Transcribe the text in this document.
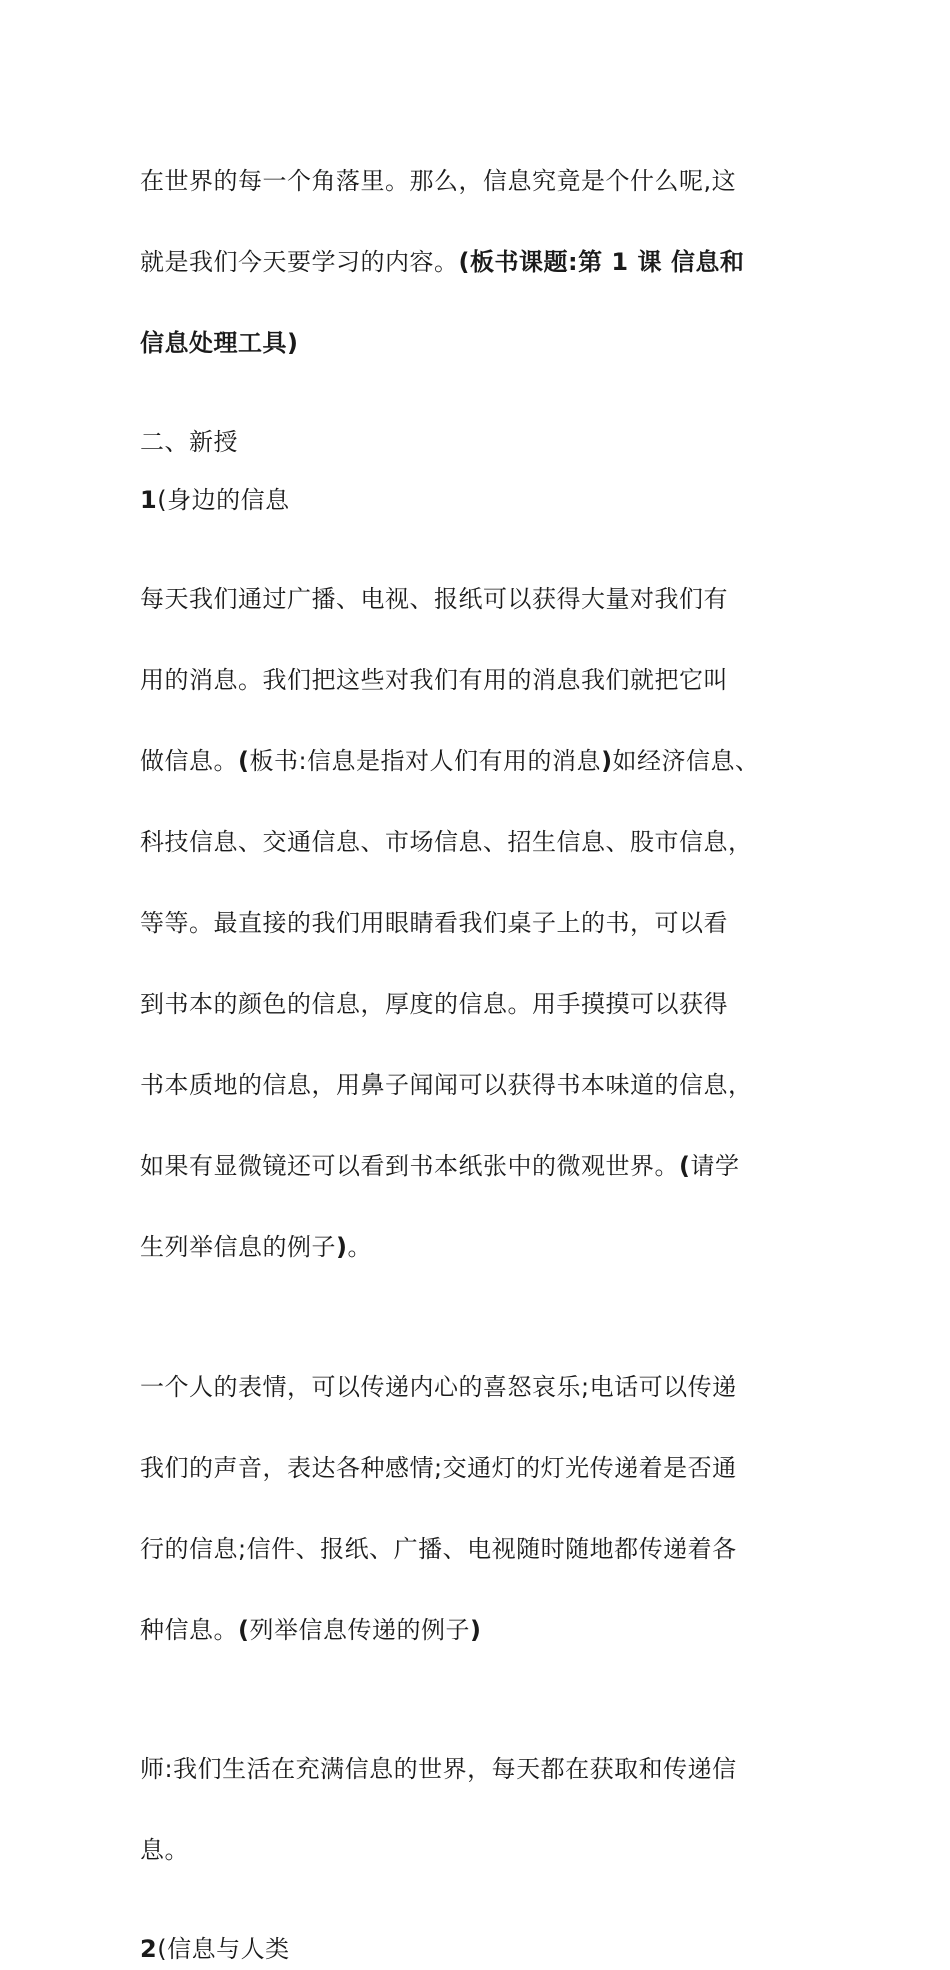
在世界的每一个角落里。那么，信息究竟是个什么呢,这

就是我们今天要学习的内容。(板书课题:第 1 课 信息和

信息处理工具)

二、新授
1(身边的信息

每天我们通过广播、电视、报纸可以获得大量对我们有

用的消息。我们把这些对我们有用的消息我们就把它叫

做信息。(板书:信息是指对人们有用的消息)如经济信息、

科技信息、交通信息、市场信息、招生信息、股市信息，

等等。最直接的我们用眼睛看我们桌子上的书，可以看

到书本的颜色的信息，厚度的信息。用手摸摸可以获得

书本质地的信息，用鼻子闻闻可以获得书本味道的信息，

如果有显微镜还可以看到书本纸张中的微观世界。(请学

生列举信息的例子)。

一个人的表情，可以传递内心的喜怒哀乐;电话可以传递

我们的声音，表达各种感情;交通灯的灯光传递着是否通

行的信息;信件、报纸、广播、电视随时随地都传递着各

种信息。(列举信息传递的例子)

师:我们生活在充满信息的世界，每天都在获取和传递信

息。

2(信息与人类
